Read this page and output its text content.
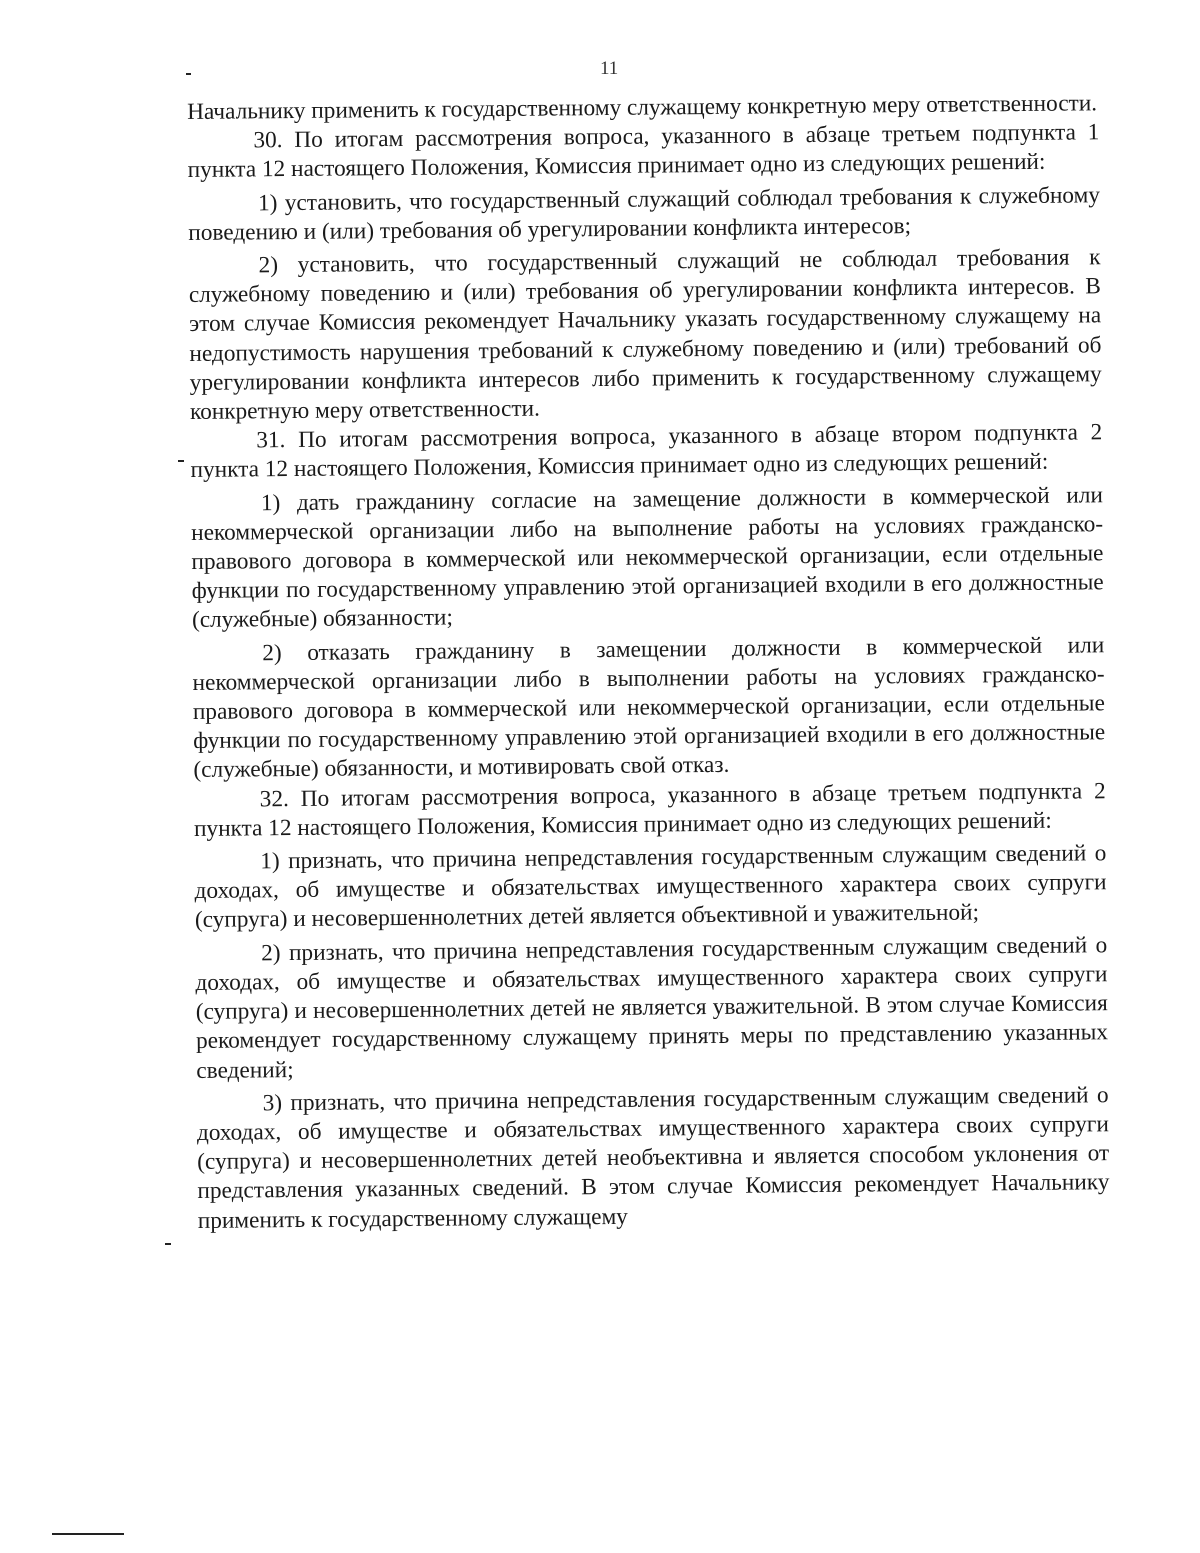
11

Начальнику применить к государственному служащему конкретную меру ответственности.

30. По итогам рассмотрения вопроса, указанного в абзаце третьем подпункта 1 пункта 12 настоящего Положения, Комиссия принимает одно из следующих решений:

1) установить, что государственный служащий соблюдал требования к служебному поведению и (или) требования об урегулировании конфликта интересов;

2) установить, что государственный служащий не соблюдал требования к служебному поведению и (или) требования об урегулировании конфликта интересов. В этом случае Комиссия рекомендует Начальнику указать государственному служащему на недопустимость нарушения требований к служебному поведению и (или) требований об урегулировании конфликта интересов либо применить к государственному служащему конкретную меру ответственности.

31. По итогам рассмотрения вопроса, указанного в абзаце втором подпункта 2 пункта 12 настоящего Положения, Комиссия принимает одно из следующих решений:

1) дать гражданину согласие на замещение должности в коммерческой или некоммерческой организации либо на выполнение работы на условиях гражданско-правового договора в коммерческой или некоммерческой организации, если отдельные функции по государственному управлению этой организацией входили в его должностные (служебные) обязанности;

2) отказать гражданину в замещении должности в коммерческой или некоммерческой организации либо в выполнении работы на условиях гражданско-правового договора в коммерческой или некоммерческой организации, если отдельные функции по государственному управлению этой организацией входили в его должностные (служебные) обязанности, и мотивировать свой отказ.

32. По итогам рассмотрения вопроса, указанного в абзаце третьем подпункта 2 пункта 12 настоящего Положения, Комиссия принимает одно из следующих решений:

1) признать, что причина непредставления государственным служащим сведений о доходах, об имуществе и обязательствах имущественного характера своих супруги (супруга) и несовершеннолетних детей является объективной и уважительной;

2) признать, что причина непредставления государственным служащим сведений о доходах, об имуществе и обязательствах имущественного характера своих супруги (супруга) и несовершеннолетних детей не является уважительной. В этом случае Комиссия рекомендует государственному служащему принять меры по представлению указанных сведений;

3) признать, что причина непредставления государственным служащим сведений о доходах, об имуществе и обязательствах имущественного характера своих супруги (супруга) и несовершеннолетних детей необъективна и является способом уклонения от представления указанных сведений. В этом случае Комиссия рекомендует Начальнику применить к государственному служащему
